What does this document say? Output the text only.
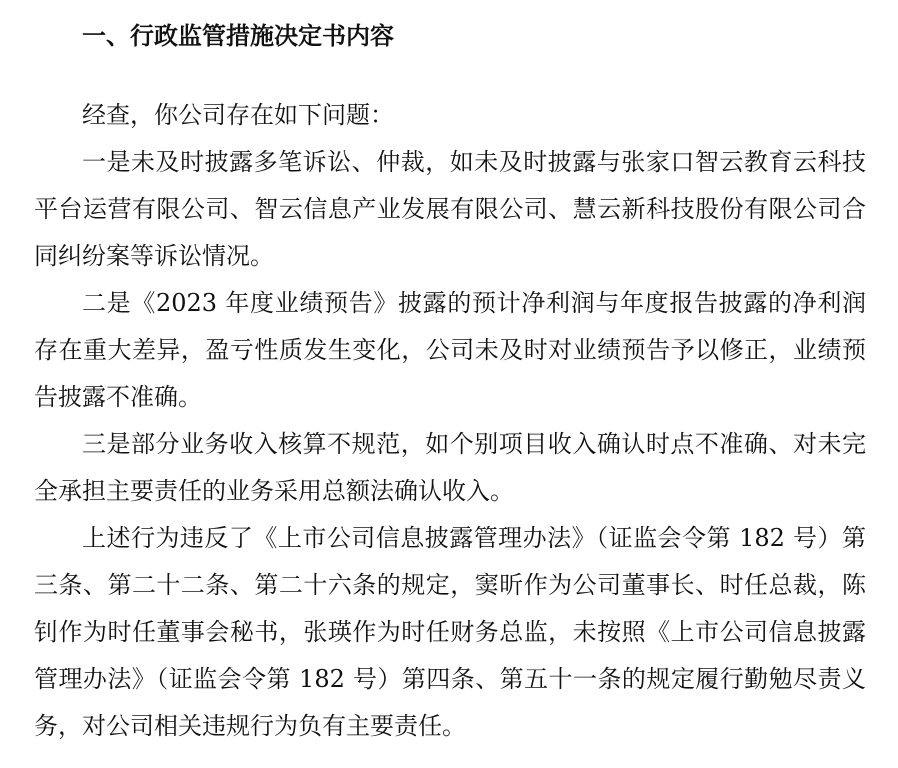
一、行政监管措施决定书内容

经查，你公司存在如下问题：

一是未及时披露多笔诉讼、仲裁，如未及时披露与张家口智云教育云科技平台运营有限公司、智云信息产业发展有限公司、慧云新科技股份有限公司合同纠纷案等诉讼情况。

二是《2023 年度业绩预告》披露的预计净利润与年度报告披露的净利润存在重大差异，盈亏性质发生变化，公司未及时对业绩预告予以修正，业绩预告披露不准确。

三是部分业务收入核算不规范，如个别项目收入确认时点不准确、对未完全承担主要责任的业务采用总额法确认收入。

上述行为违反了《上市公司信息披露管理办法》（证监会令第 182 号）第三条、第二十二条、第二十六条的规定，窦昕作为公司董事长、时任总裁，陈钊作为时任董事会秘书，张瑛作为时任财务总监，未按照《上市公司信息披露管理办法》（证监会令第 182 号）第四条、第五十一条的规定履行勤勉尽责义务，对公司相关违规行为负有主要责任。
